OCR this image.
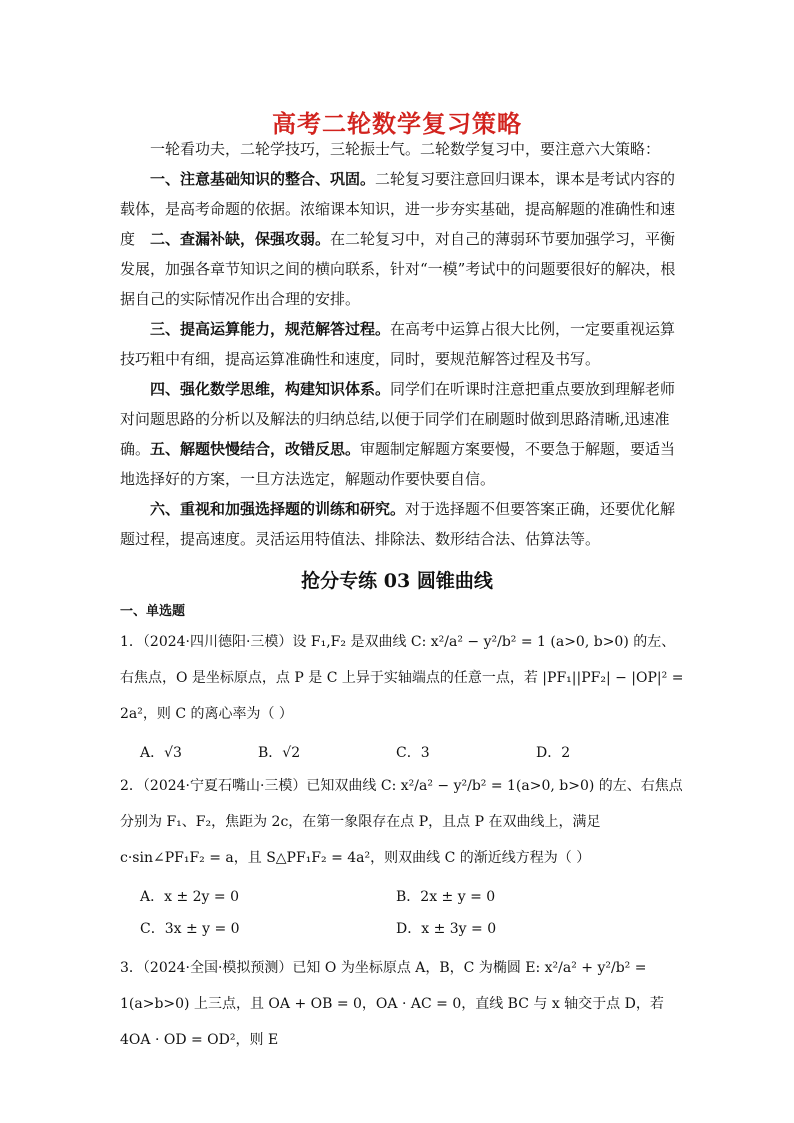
高考二轮数学复习策略

一轮看功夫，二轮学技巧，三轮振士气。二轮数学复习中，要注意六大策略：

一、注意基础知识的整合、巩固。二轮复习要注意回归课本，课本是考试内容的载体，是高考命题的依据。浓缩课本知识，进一步夯实基础，提高解题的准确性和速度 二、查漏补缺，保强攻弱。在二轮复习中，对自己的薄弱环节要加强学习，平衡发展，加强各章节知识之间的横向联系，针对“一模”考试中的问题要很好的解决，根据自己的实际情况作出合理的安排。

三、提高运算能力，规范解答过程。在高考中运算占很大比例，一定要重视运算技巧粗中有细，提高运算准确性和速度，同时，要规范解答过程及书写。

四、强化数学思维，构建知识体系。同学们在听课时注意把重点要放到理解老师对问题思路的分析以及解法的归纳总结,以便于同学们在刷题时做到思路清晰,迅速准确。 五、解题快慢结合，改错反思。审题制定解题方案要慢，不要急于解题，要适当地选择好的方案，一旦方法选定，解题动作要快要自信。

六、重视和加强选择题的训练和研究。对于选择题不但要答案正确，还要优化解题过程，提高速度。灵活运用特值法、排除法、数形结合法、估算法等。

抢分专练 03 圆锥曲线
一、单选题

1．（2024·四川德阳·三模）设 F₁,F₂ 是双曲线 C: x²/a² − y²/b² = 1 (a>0, b>0) 的左、右焦点，O 是坐标原点，点 P 是 C 上异于实轴端点的任意一点，若 |PF₁||PF₂| − |OP|² = 2a²，则 C 的离心率为（ ）

A．√3	B．√2	C．3	D．2

2．（2024·宁夏石嘴山·三模）已知双曲线 C: x²/a² − y²/b² = 1(a>0, b>0) 的左、右焦点分别为 F₁、F₂，焦距为 2c，在第一象限存在点 P，且点 P 在双曲线上，满足 c·sin∠PF₁F₂ = a，且 S△PF₁F₂ = 4a²，则双曲线 C 的渐近线方程为（ ）

A．x ± 2y = 0	B．2x ± y = 0
C．3x ± y = 0	D．x ± 3y = 0

3．（2024·全国·模拟预测）已知 O 为坐标原点 A，B，C 为椭圆 E: x²/a² + y²/b² = 1(a>b>0) 上三点，且 OA + OB = 0，OA · AC = 0，直线 BC 与 x 轴交于点 D，若 4OA · OD = OD²，则 E
